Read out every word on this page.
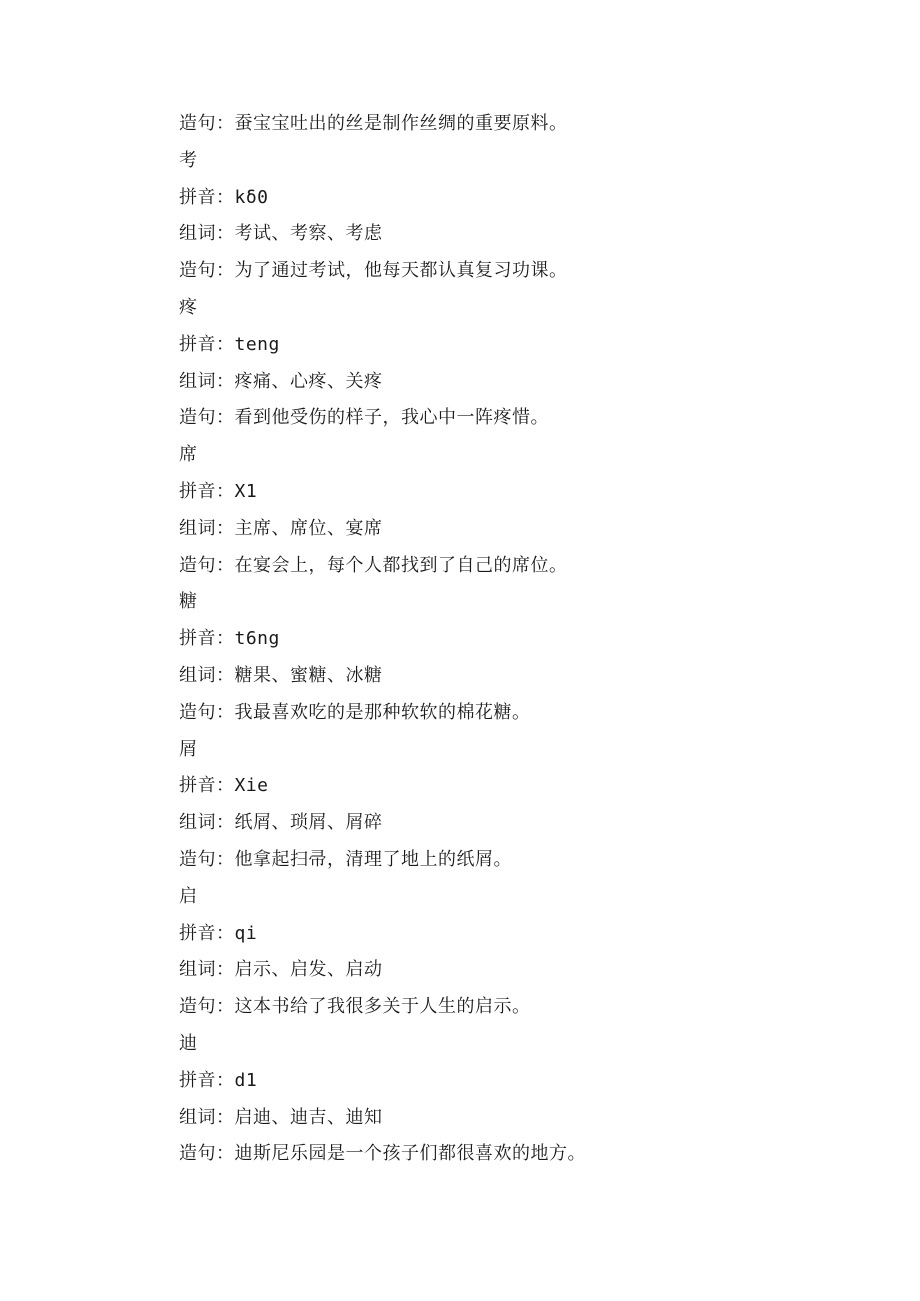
造句：蚕宝宝吐出的丝是制作丝绸的重要原料。
考
拼音：kδ0
组词：考试、考察、考虑
造句：为了通过考试，他每天都认真复习功课。
疼
拼音：teng
组词：疼痛、心疼、关疼
造句：看到他受伤的样子，我心中一阵疼惜。
席
拼音：X1
组词：主席、席位、宴席
造句：在宴会上，每个人都找到了自己的席位。
糖
拼音：t6ng
组词：糖果、蜜糖、冰糖
造句：我最喜欢吃的是那种软软的棉花糖。
屑
拼音：Xie
组词：纸屑、琐屑、屑碎
造句：他拿起扫帚，清理了地上的纸屑。
启
拼音：qi
组词：启示、启发、启动
造句：这本书给了我很多关于人生的启示。
迪
拼音：d1
组词：启迪、迪吉、迪知
造句：迪斯尼乐园是一个孩子们都很喜欢的地方。
